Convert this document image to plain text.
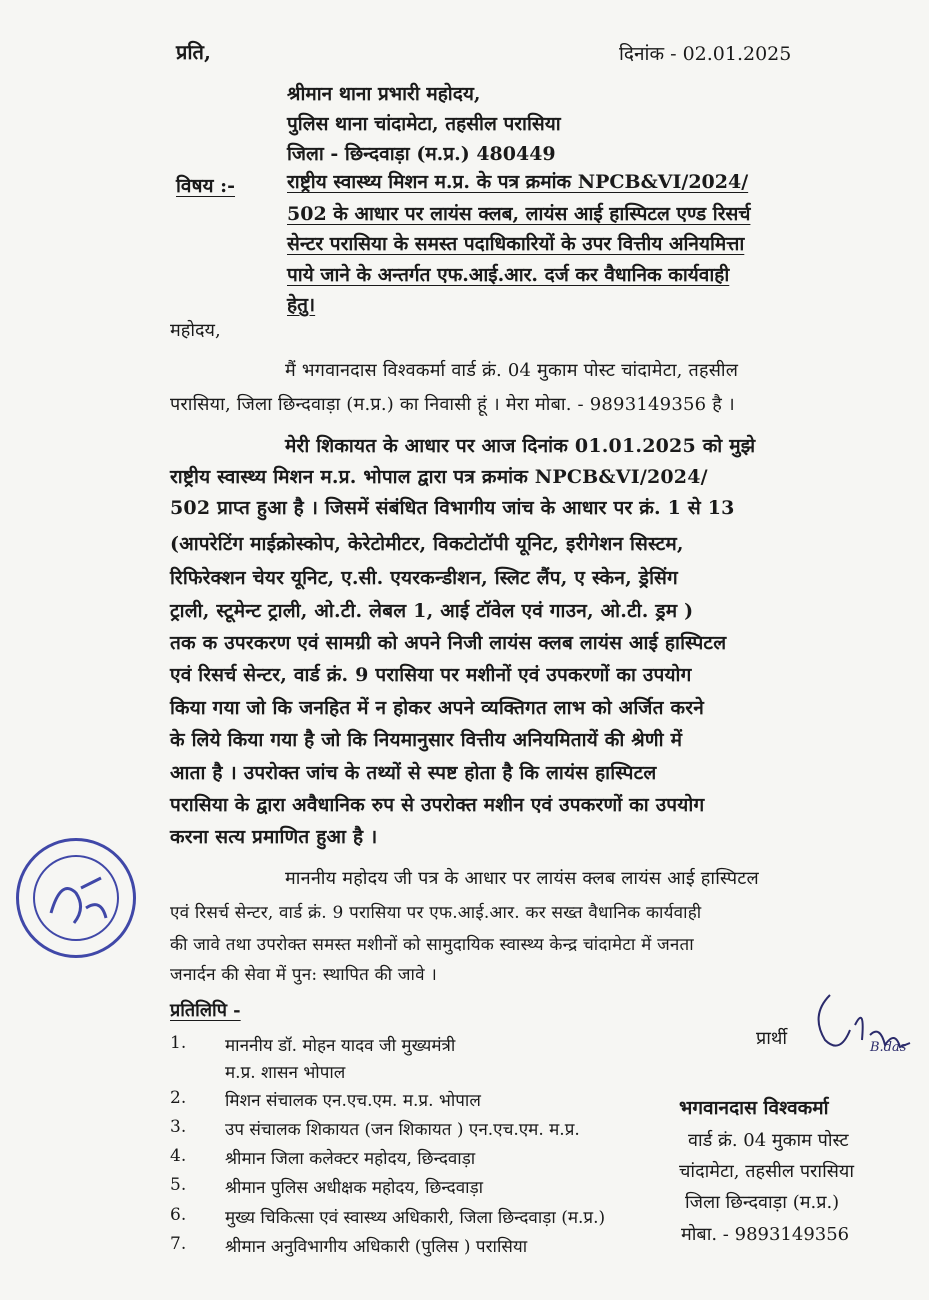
प्रति,	दिनांक - 02.01.2025
श्रीमान थाना प्रभारी महोदय,
पुलिस थाना चांदामेटा, तहसील परासिया
जिला - छिन्दवाड़ा (म.प्र.) 480449
विषय :-	राष्ट्रीय स्वास्थ्य मिशन म.प्र. के पत्र क्रमांक NPCB&VI/2024/
502 के आधार पर लायंस क्लब, लायंस आई हास्पिटल एण्ड रिसर्च
सेन्टर परासिया के समस्त पदाधिकारियों के उपर वित्तीय अनियमित्ता
पाये जाने के अन्तर्गत एफ.आई.आर. दर्ज कर वैधानिक कार्यवाही
हेतु।
महोदय,
मैं भगवानदास विश्वकर्मा वार्ड क्रं. 04 मुकाम पोस्ट चांदामेटा, तहसील
परासिया, जिला छिन्दवाड़ा (म.प्र.) का निवासी हूं । मेरा मोबा. - 9893149356 है ।
मेरी शिकायत के आधार पर आज दिनांक 01.01.2025 को मुझे
राष्ट्रीय स्वास्थ्य मिशन म.प्र. भोपाल द्वारा पत्र क्रमांक NPCB&VI/2024/
502 प्राप्त हुआ है । जिसमें संबंधित विभागीय जांच के आधार पर क्रं. 1 से 13
(आपरेटिंग माईक्रोस्कोप, केरेटोमीटर, विकटोटॉपी यूनिट, इरीगेशन सिस्टम,
रिफिरेक्शन चेयर यूनिट, ए.सी. एयरकन्डीशन, स्लिट लैंप, ए स्केन, ड्रेसिंग
ट्राली, स्टूमेन्ट ट्राली, ओ.टी. लेबल 1, आई टॉवेल एवं गाउन, ओ.टी. ड्रम )
तक क उपरकरण एवं सामग्री को अपने निजी लायंस क्लब लायंस आई हास्पिटल
एवं रिसर्च सेन्टर, वार्ड क्रं. 9 परासिया पर मशीनों एवं उपकरणों का उपयोग
किया गया जो कि जनहित में न होकर अपने व्यक्तिगत लाभ को अर्जित करने
के लिये किया गया है जो कि नियमानुसार वित्तीय अनियमितायें की श्रेणी में
आता है । उपरोक्त जांच के तथ्यों से स्पष्ट होता है कि लायंस हास्पिटल
परासिया के द्वारा अवैधानिक रुप से उपरोक्त मशीन एवं उपकरणों का उपयोग
करना सत्य प्रमाणित हुआ है ।
माननीय महोदय जी पत्र के आधार पर लायंस क्लब लायंस आई हास्पिटल
एवं रिसर्च सेन्टर, वार्ड क्रं. 9 परासिया पर एफ.आई.आर. कर सख्त वैधानिक कार्यवाही
की जावे तथा उपरोक्त समस्त मशीनों को सामुदायिक स्वास्थ्य केन्द्र चांदामेटा में जनता
जनार्दन की सेवा में पुन: स्थापित की जावे ।
प्रतिलिपि -
1. माननीय डॉ. मोहन यादव जी मुख्यमंत्री
म.प्र. शासन भोपाल
2. मिशन संचालक एन.एच.एम. म.प्र. भोपाल
3. उप संचालक शिकायत (जन शिकायत ) एन.एच.एम. म.प्र.
4. श्रीमान जिला कलेक्टर महोदय, छिन्दवाड़ा
5. श्रीमान पुलिस अधीक्षक महोदय, छिन्दवाड़ा
6. मुख्य चिकित्सा एवं स्वास्थ्य अधिकारी, जिला छिन्दवाड़ा (म.प्र.)
7. श्रीमान अनुविभागीय अधिकारी (पुलिस ) परासिया
प्रार्थी	B.das
भगवानदास विश्वकर्मा
वार्ड क्रं. 04 मुकाम पोस्ट
चांदामेटा, तहसील परासिया
जिला छिन्दवाड़ा (म.प्र.)
मोबा. - 9893149356
